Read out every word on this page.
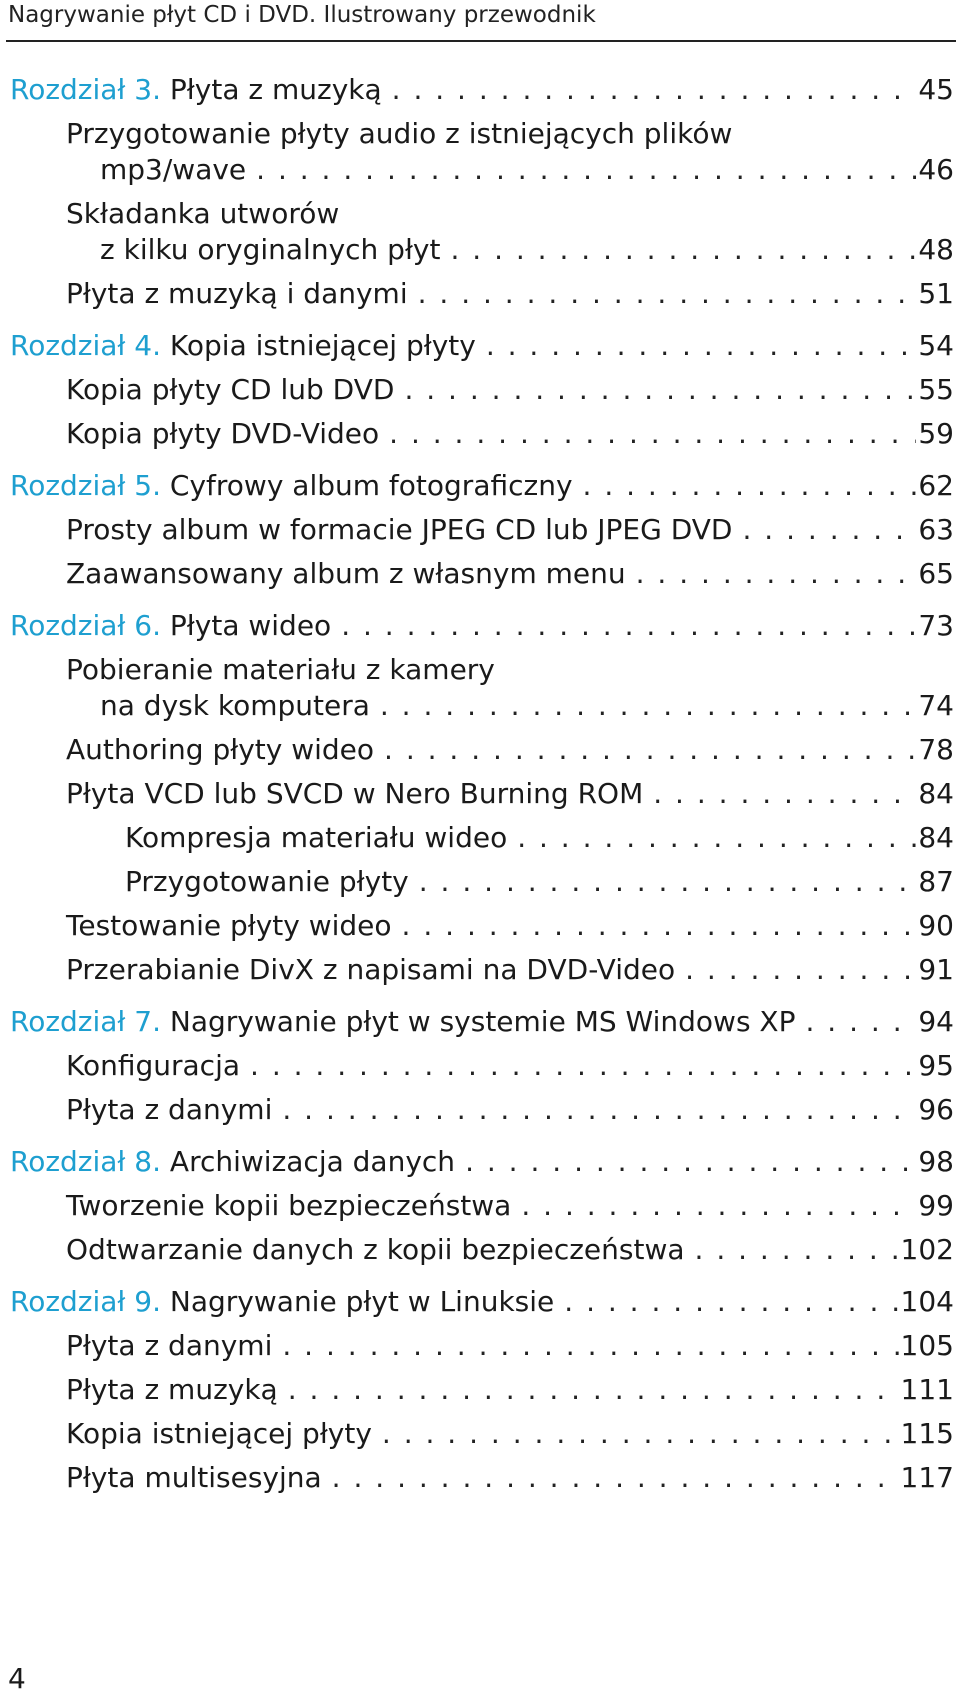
Nagrywanie płyt CD i DVD. Ilustrowany przewodnik
Rozdział 3. Płyta z muzyką . . .	45
Przygotowanie płyty audio z istniejących plików
mp3/wave . . .	46
Składanka utworów
z kilku oryginalnych płyt . . .	48
Płyta z muzyką i danymi . . .	51
Rozdział 4. Kopia istniejącej płyty . . .	54
Kopia płyty CD lub DVD . . .	55
Kopia płyty DVD-Video . . .	59
Rozdział 5. Cyfrowy album fotograficzny . . .	62
Prosty album w formacie JPEG CD lub JPEG DVD . . .	63
Zaawansowany album z własnym menu . . .	65
Rozdział 6. Płyta wideo . . .	73
Pobieranie materiału z kamery
na dysk komputera . . .	74
Authoring płyty wideo . . .	78
Płyta VCD lub SVCD w Nero Burning ROM . . .	84
Kompresja materiału wideo . . .	84
Przygotowanie płyty . . .	87
Testowanie płyty wideo . . .	90
Przerabianie DivX z napisami na DVD-Video . . .	91
Rozdział 7. Nagrywanie płyt w systemie MS Windows XP . . .	94
Konfiguracja . . .	95
Płyta z danymi . . .	96
Rozdział 8. Archiwizacja danych . . .	98
Tworzenie kopii bezpieczeństwa . . .	99
Odtwarzanie danych z kopii bezpieczeństwa . . .	102
Rozdział 9. Nagrywanie płyt w Linuksie . . .	104
Płyta z danymi . . .	105
Płyta z muzyką . . .	111
Kopia istniejącej płyty . . .	115
Płyta multisesyjna . . .	117
4
